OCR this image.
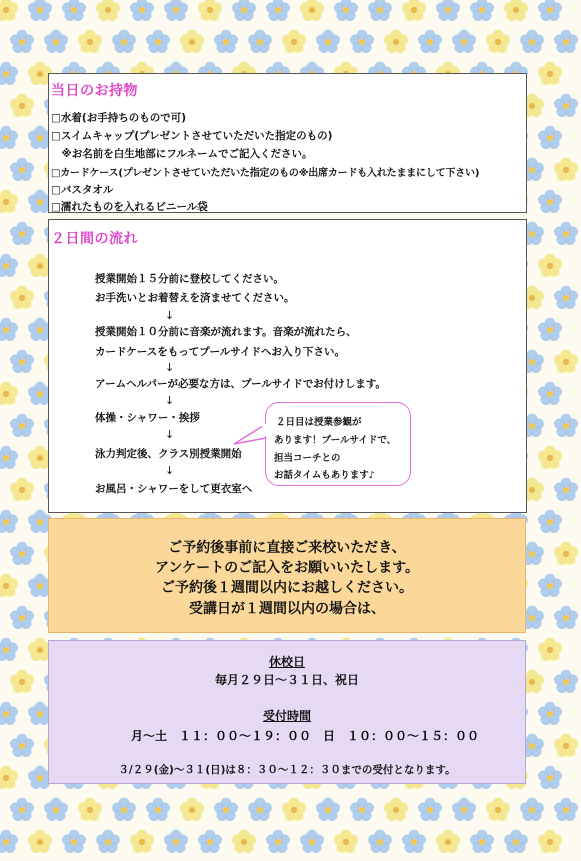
当日のお持物
□水着(お手持ちのもので可)
□スイムキャップ(プレゼントさせていただいた指定のもの)
　※お名前を白生地部にフルネームでご記入ください。
□カードケース(プレゼントさせていただいた指定のもの※出席カードも入れたままにして下さい)
□バスタオル
□濡れたものを入れるビニール袋
２日間の流れ
授業開始１５分前に登校してください。
お手洗いとお着替えを済ませてください。
↓
授業開始１０分前に音楽が流れます。音楽が流れたら、
カードケースをもってプールサイドへお入り下さい。
↓
アームヘルパーが必要な方は、プールサイドでお付けします。
↓
体操・シャワー・挨拶
↓
泳力判定後、クラス別授業開始
↓
お風呂・シャワーをして更衣室へ
２日目は授業参観が
あります！プールサイドで、
担当コーチとの
お話タイムもあります♪
ご予約後事前に直接ご来校いただき、
アンケートのご記入をお願いいたします。
ご予約後１週間以内にお越しください。
受講日が１週間以内の場合は、
休校日
毎月２９日～３１日、祝日
受付時間
月～土　１１：００～１９：００ 日　１０：００～１５：００
３/２９(金)～３１(日)は８：３０～１２：３０までの受付となります。
